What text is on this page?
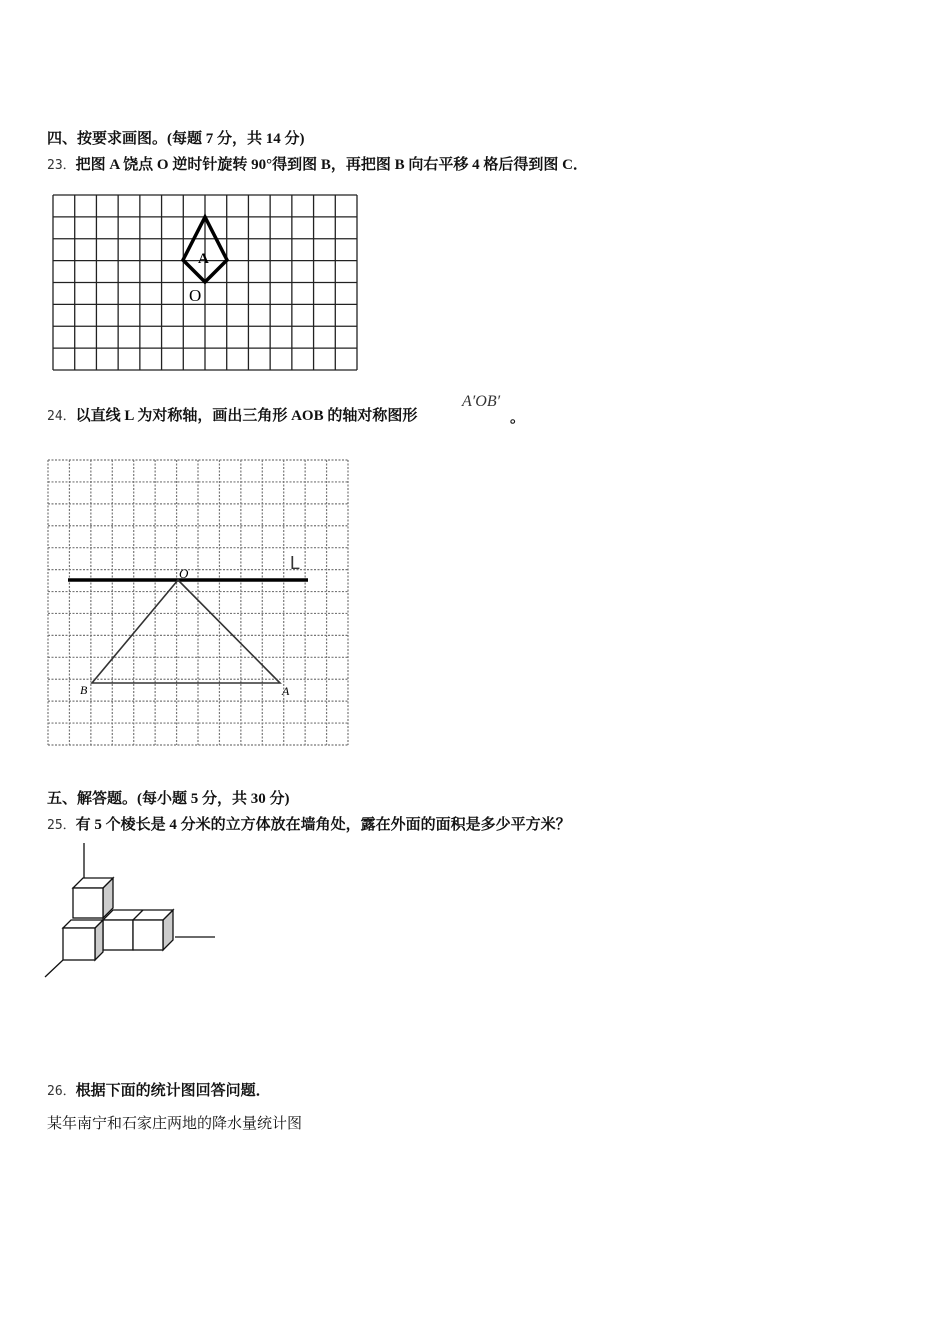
四、按要求画图。(每题 7 分，共 14 分)
23．把图 A 饶点 O 逆时针旋转 90°得到图 B，再把图 B 向右平移 4 格后得到图 C．
A
O
L
O
B	A
24．以直线 L 为对称轴，画出三角形 AOB 的轴对称图形
A′OB′
。
五、解答题。(每小题 5 分，共 30 分)
25．有 5 个棱长是 4 分米的立方体放在墙角处，露在外面的面积是多少平方米？
26．根据下面的统计图回答问题．
某年南宁和石家庄两地的降水量统计图
